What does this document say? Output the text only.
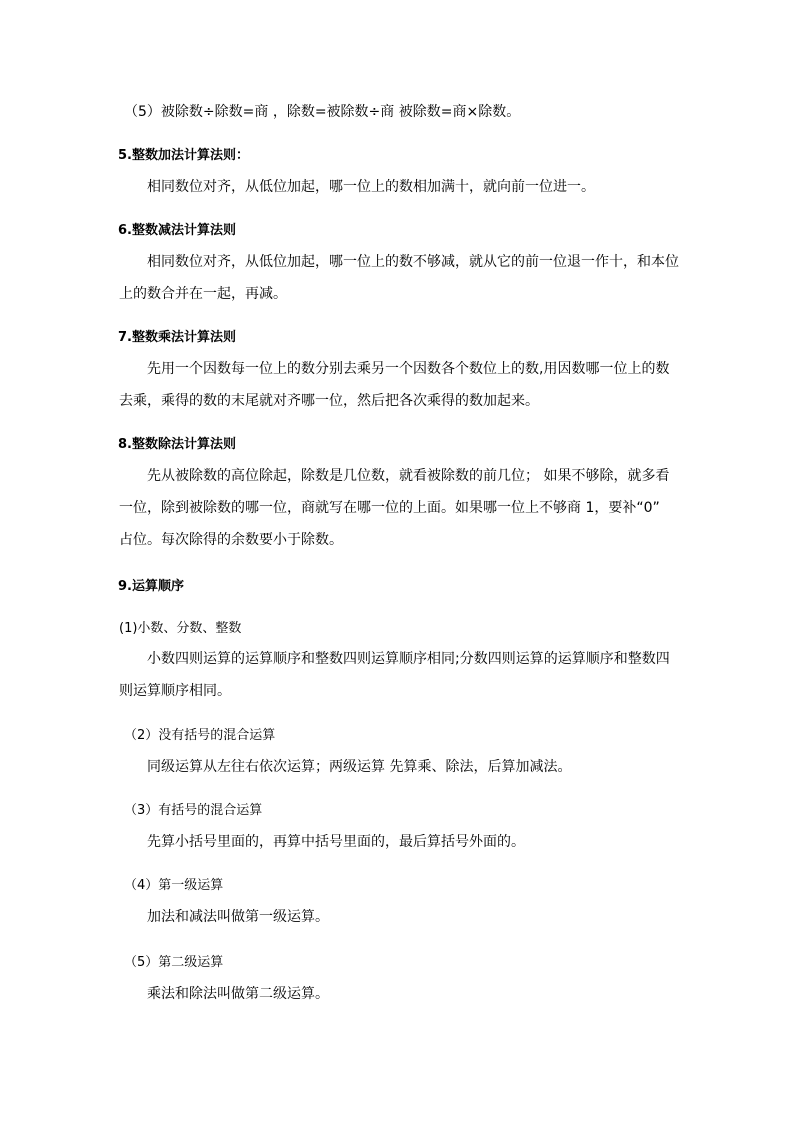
（5）被除数÷除数=商 ，除数=被除数÷商 被除数=商×除数。
5.整数加法计算法则：
相同数位对齐，从低位加起，哪一位上的数相加满十，就向前一位进一。
6.整数减法计算法则
相同数位对齐，从低位加起，哪一位上的数不够减，就从它的前一位退一作十，和本位
上的数合并在一起，再减。
7.整数乘法计算法则
先用一个因数每一位上的数分别去乘另一个因数各个数位上的数,用因数哪一位上的数
去乘，乘得的数的末尾就对齐哪一位，然后把各次乘得的数加起来。
8.整数除法计算法则
先从被除数的高位除起，除数是几位数，就看被除数的前几位； 如果不够除，就多看
一位，除到被除数的哪一位，商就写在哪一位的上面。如果哪一位上不够商 1，要补“0”
占位。每次除得的余数要小于除数。
9.运算顺序
(1)小数、分数、整数
小数四则运算的运算顺序和整数四则运算顺序相同;分数四则运算的运算顺序和整数四
则运算顺序相同。
（2）没有括号的混合运算
同级运算从左往右依次运算；两级运算 先算乘、除法，后算加减法。
（3）有括号的混合运算
先算小括号里面的，再算中括号里面的，最后算括号外面的。
（4）第一级运算
加法和减法叫做第一级运算。
（5）第二级运算
乘法和除法叫做第二级运算。
